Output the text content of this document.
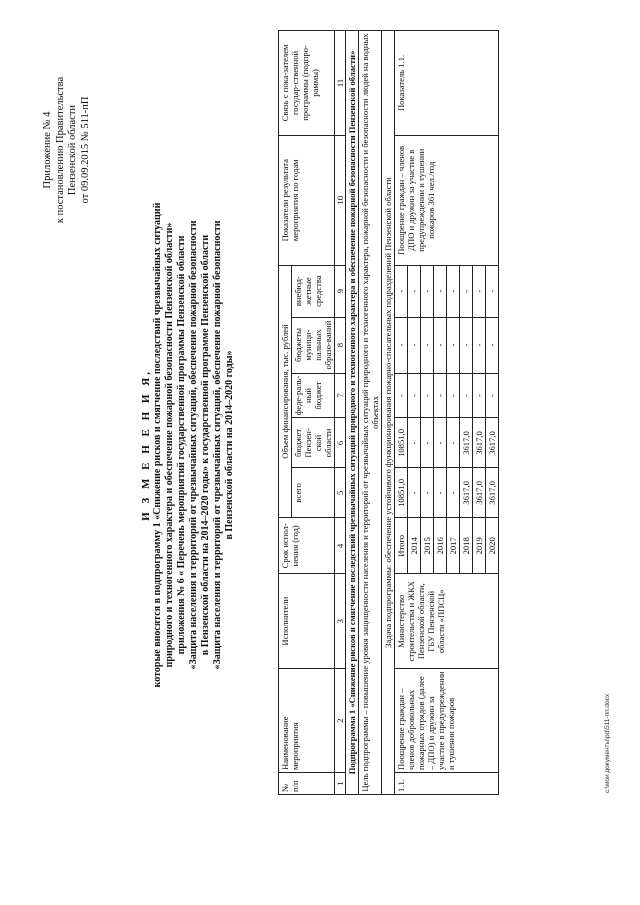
Приложение № 4 к постановлению Правительства Пензенской области от 09.09.2015 № 511-пП
И З М Е Н Е Н И Я, которые вносятся в подпрограмму 1 «Снижение рисков и смягчение последствий чрезвычайных ситуаций природного и техногенного характера и обеспечение пожарной безопасности Пензенской области» приложения № 6 « Перечень мероприятий государственной программы Пензенской области «Защита населения и территорий от чрезвычайных ситуаций, обеспечение пожарной безопасности в Пензенской области на 2014–2020 годы» к государственной программе Пензенской области «Защита населения и территорий от чрезвычайных ситуаций, обеспечение пожарной безопасности в Пензенской области на 2014–2020 годы»
№ п/п	Наименование мероприятия	Исполнители	Срок испол-нения (год)	Объем финансирования, тыс. рублей					Показатели результата мероприятия по годам	Связь с пока-зателем государ-ственной программы (подпро-раммы)
				всего	бюджет Пензен-ской области	феде-раль-ный бюджет	бюджеты муници-пальных образо-ваний	внебюд-жетные средства		
1	2	3	4	5	6	7	8	9	10	11
Подпрограмма 1 «Снижение рисков и смягчение последствий чрезвычайных ситуаций природного и техногенного характера и обеспечение пожарной безопасности Пензенской области»										
Цель подпрограммы – повышение уровня защищенности населения и территорий от чрезвычайных ситуаций природного и техногенного характера, пожарной безопасности и безопасности людей на водных объектах										
Задача подпрограммы: обеспечение устойчивого функционирования пожарно-спасательных подразделений Пензенской области										
1.1.	Поощрение граждан – членов добровольных пожарных отрядов (далее – ДПО) и дружин за участие в предупреждении и тушении пожаров	Министерство строительства и ЖКХ Пензенской области, ГБУ Пензенской области «ППСЦ»	Итого	10851,0	10851,0	-	-	-	Поощрение граждан – членов ДПО и дружин за участие в предупреждении и тушении пожаров 361 чел./год	Показатель 1.1.
			2014	-	-	-	-	-		
			2015	-	-	-	-	-		
			2016	-	-	-	-	-		
			2017	-	-	-	-	-		
			2018	3617,0	3617,0	-	-	-		
			2019	3617,0	3617,0	-	-	-		
			2020	3617,0	3617,0	-	-	-		
c:\мои документы\pd\511-пп.docx
